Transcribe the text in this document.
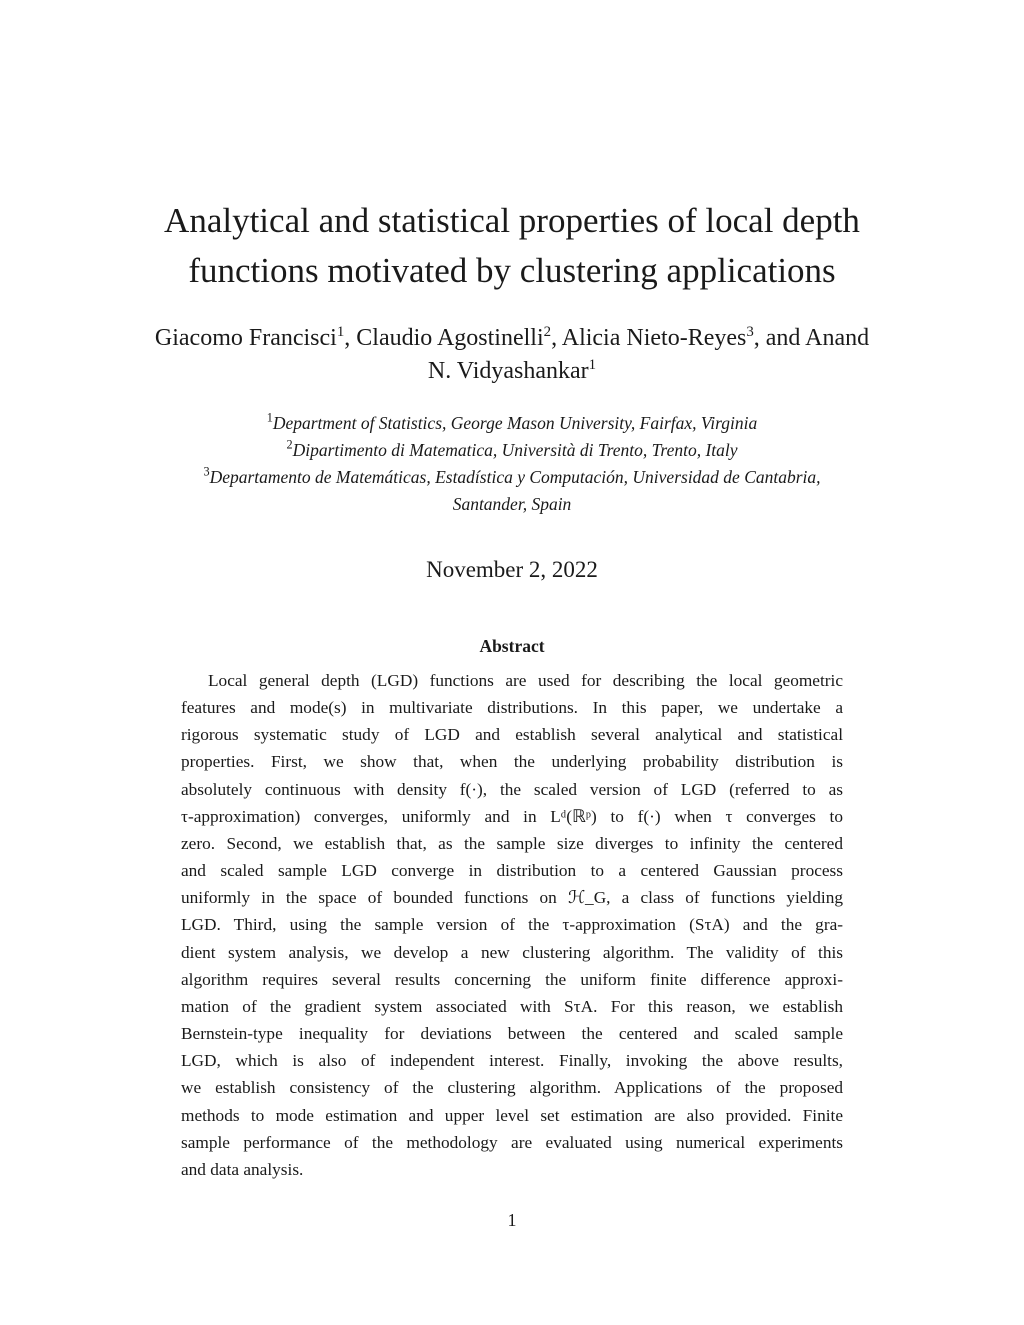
Analytical and statistical properties of local depth
functions motivated by clustering applications
Giacomo Francisci$^1$, Claudio Agostinelli$^2$, Alicia Nieto-Reyes$^3$, and Anand
N. Vidyashankar$^1$
$^1$Department of Statistics, George Mason University, Fairfax, Virginia
$^2$Dipartimento di Matematica, Università di Trento, Trento, Italy
$^3$Departamento de Matemáticas, Estadística y Computación, Universidad de Cantabria,
Santander, Spain
November 2, 2022
Abstract
Local general depth (LGD) functions are used for describing the local geometric
features and mode(s) in multivariate distributions. In this paper, we undertake a
rigorous systematic study of LGD and establish several analytical and statistical
properties. First, we show that, when the underlying probability distribution is
absolutely continuous with density f(·), the scaled version of LGD (referred to as
τ-approximation) converges, uniformly and in Lᵈ(ℝᵖ) to f(·) when τ converges to
zero. Second, we establish that, as the sample size diverges to infinity the centered
and scaled sample LGD converge in distribution to a centered Gaussian process
uniformly in the space of bounded functions on ℋ_G, a class of functions yielding
LGD. Third, using the sample version of the τ-approximation (SτA) and the gra-
dient system analysis, we develop a new clustering algorithm. The validity of this
algorithm requires several results concerning the uniform finite difference approxi-
mation of the gradient system associated with SτA. For this reason, we establish
Bernstein-type inequality for deviations between the centered and scaled sample
LGD, which is also of independent interest. Finally, invoking the above results,
we establish consistency of the clustering algorithm. Applications of the proposed
methods to mode estimation and upper level set estimation are also provided. Finite
sample performance of the methodology are evaluated using numerical experiments
and data analysis.
1
